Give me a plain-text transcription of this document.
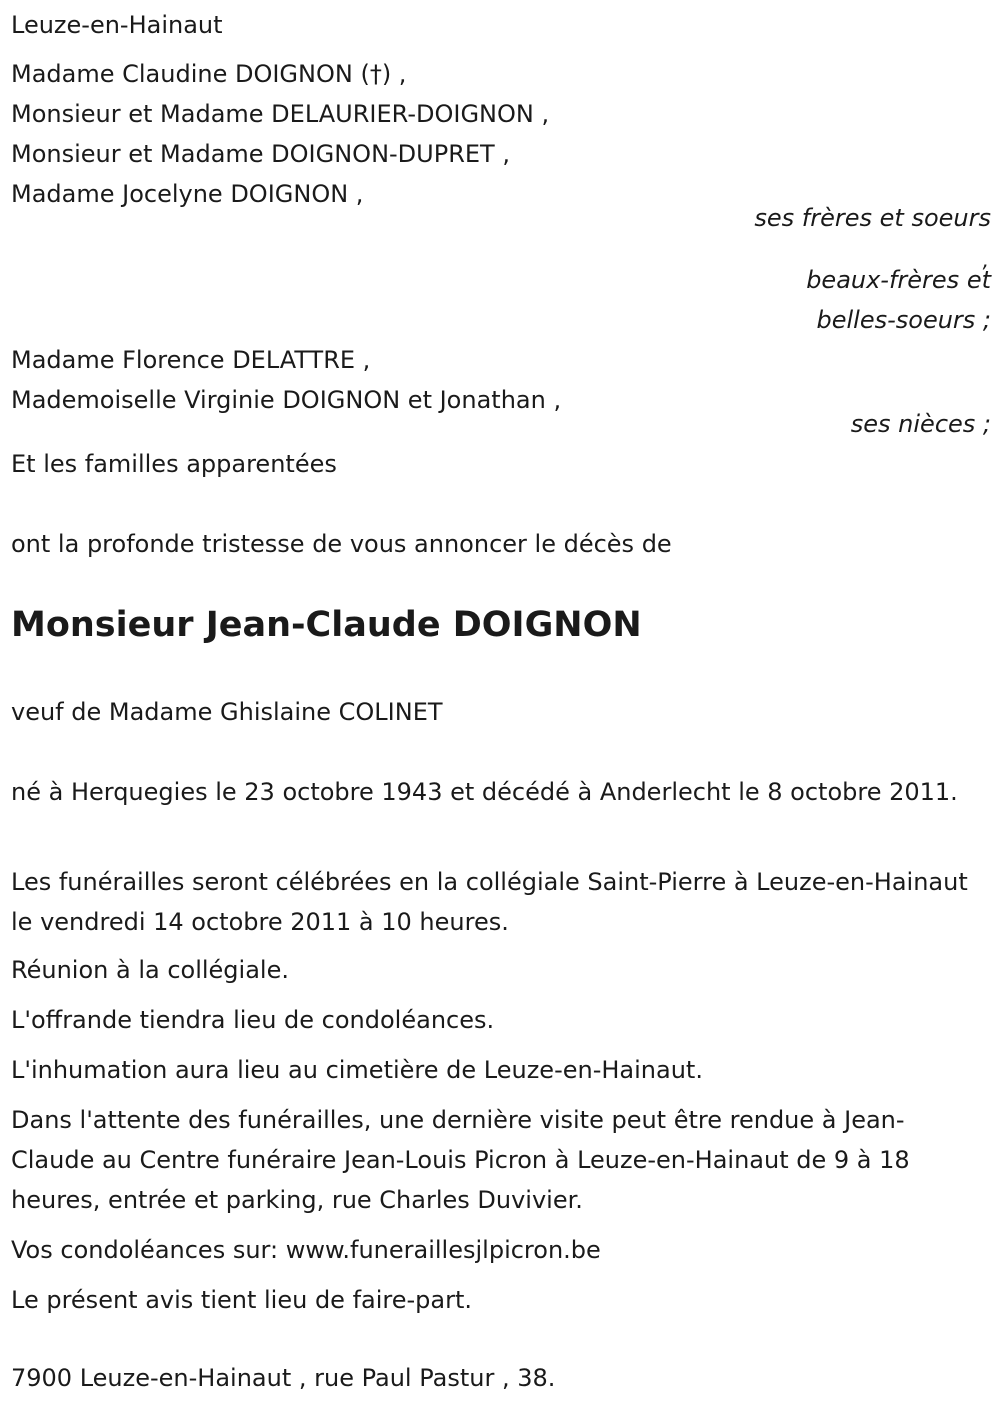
Leuze-en-Hainaut
Madame Claudine DOIGNON (†) ,
Monsieur et Madame DELAURIER-DOIGNON ,
Monsieur et Madame DOIGNON-DUPRET ,
Madame Jocelyne DOIGNON ,
ses frères et soeurs
,
beaux-frères et
belles-soeurs ;
Madame Florence DELATTRE ,
Mademoiselle Virginie DOIGNON et Jonathan ,
ses nièces ;
Et les familles apparentées
ont la profonde tristesse de vous annoncer le décès de
Monsieur Jean-Claude DOIGNON
veuf de Madame Ghislaine COLINET
né à Herquegies le 23 octobre 1943 et décédé à Anderlecht le 8 octobre 2011.
Les funérailles seront célébrées en la collégiale Saint-Pierre à Leuze-en-Hainaut le vendredi 14 octobre 2011 à 10 heures.
Réunion à la collégiale.
L'offrande tiendra lieu de condoléances.
L'inhumation aura lieu au cimetière de Leuze-en-Hainaut.
Dans l'attente des funérailles, une dernière visite peut être rendue à Jean-Claude au Centre funéraire Jean-Louis Picron à Leuze-en-Hainaut de 9 à 18 heures, entrée et parking, rue Charles Duvivier.
Vos condoléances sur: www.funeraillesjlpicron.be
Le présent avis tient lieu de faire-part.
7900 Leuze-en-Hainaut , rue Paul Pastur , 38.
